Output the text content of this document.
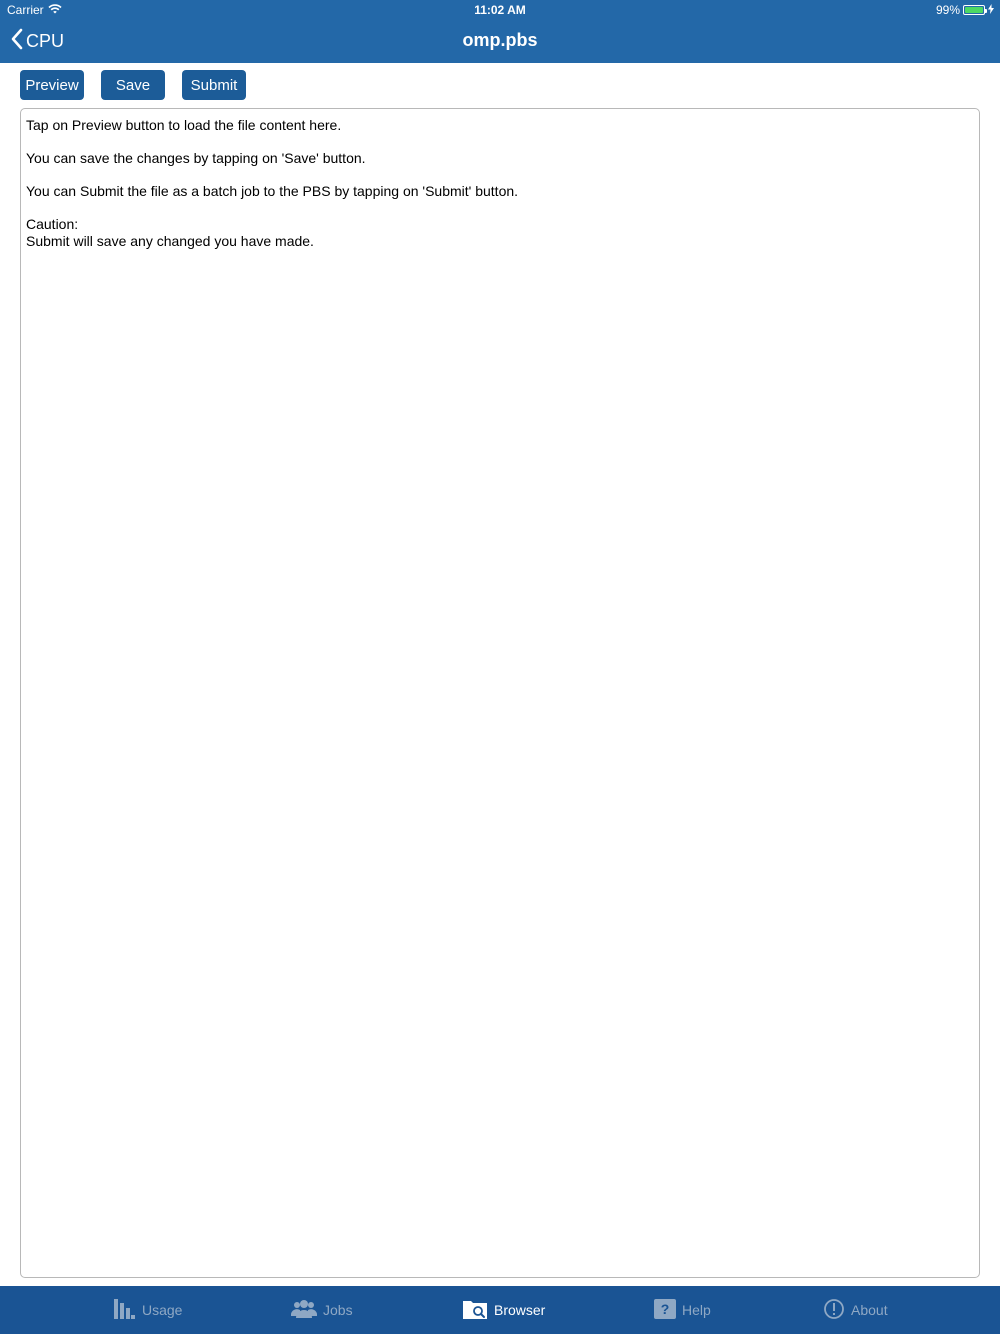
Carrier	11:02 AM	99%
CPU	omp.pbs
Preview	Save	Submit
Tap on Preview button to load the file content here.

You can save the changes by tapping on 'Save' button.

You can Submit the file as a batch job to the PBS by tapping on 'Submit' button.

Caution:
Submit will save any changed you have made.
Usage	Jobs	Browser	? Help	About
